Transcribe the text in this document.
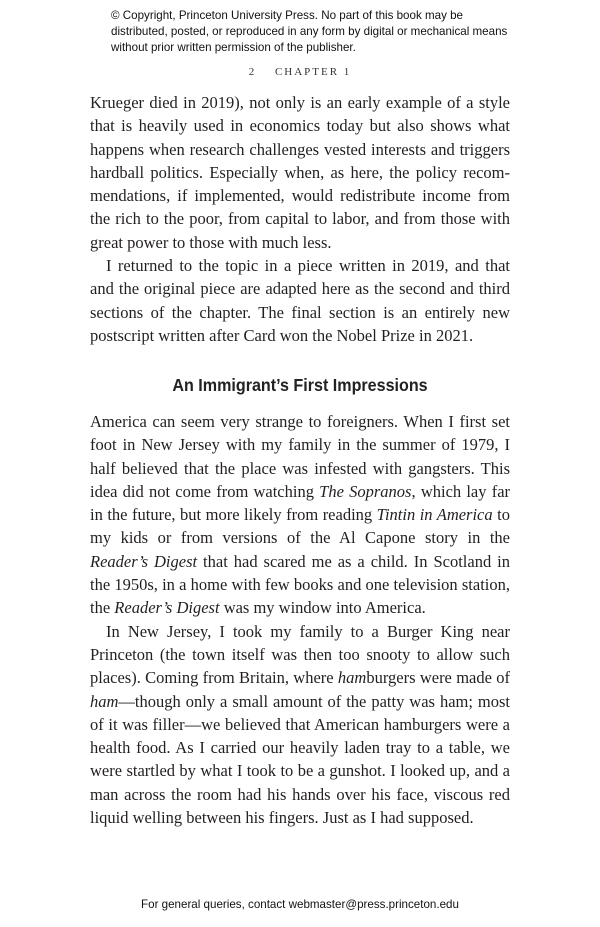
© Copyright, Princeton University Press. No part of this book may be distributed, posted, or reproduced in any form by digital or mechanical means without prior written permission of the publisher.
2 CHAPTER 1

Krueger died in 2019), not only is an early example of a style that is heavily used in economics today but also shows what happens when research challenges vested interests and triggers hardball politics. Especially when, as here, the policy recommendations, if implemented, would redistribute income from the rich to the poor, from capital to labor, and from those with great power to those with much less.

I returned to the topic in a piece written in 2019, and that and the original piece are adapted here as the second and third sections of the chapter. The final section is an entirely new postscript written after Card won the Nobel Prize in 2021.

An Immigrant’s First Impressions

America can seem very strange to foreigners. When I first set foot in New Jersey with my family in the summer of 1979, I half believed that the place was infested with gangsters. This idea did not come from watching The Sopranos, which lay far in the future, but more likely from reading Tintin in America to my kids or from versions of the Al Capone story in the Reader’s Digest that had scared me as a child. In Scotland in the 1950s, in a home with few books and one television station, the Reader’s Digest was my window into America.

In New Jersey, I took my family to a Burger King near Princeton (the town itself was then too snooty to allow such places). Coming from Britain, where hamburgers were made of ham—though only a small amount of the patty was ham; most of it was filler—we believed that American hamburgers were a health food. As I carried our heavily laden tray to a table, we were startled by what I took to be a gunshot. I looked up, and a man across the room had his hands over his face, viscous red liquid welling between his fingers. Just as I had supposed.

For general queries, contact webmaster@press.princeton.edu
